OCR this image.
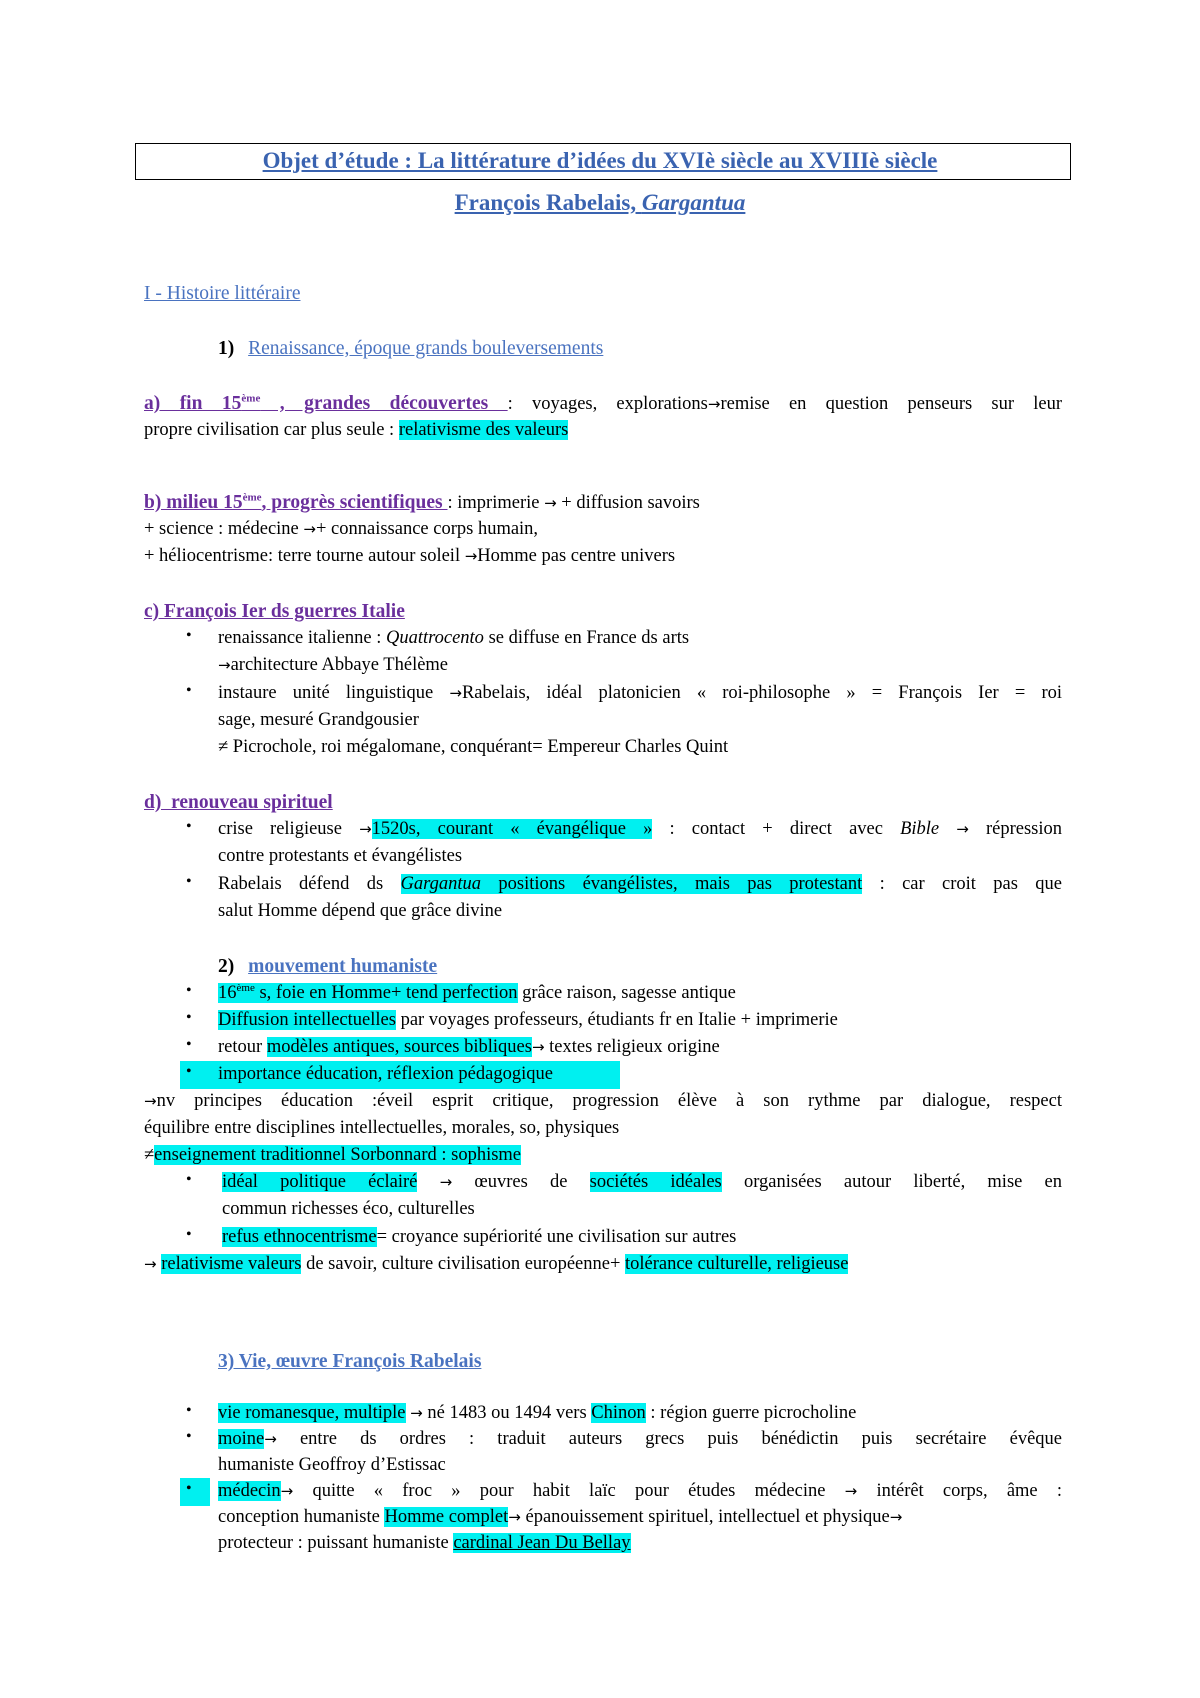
Objet d’étude : La littérature d’idées du XVIè siècle au XVIIIè siècle
François Rabelais, Gargantua
I - Histoire littéraire
1) Renaissance, époque grands bouleversements
a) fin 15ème , grandes découvertes : voyages, explorations→remise en question penseurs sur leur
propre civilisation car plus seule : relativisme des valeurs
b) milieu 15ème, progrès scientifiques : imprimerie → + diffusion savoirs
+ science : médecine →+ connaissance corps humain,
+ héliocentrisme: terre tourne autour soleil →Homme pas centre univers
c) François Ier ds guerres Italie
• renaissance italienne : Quattrocento se diffuse en France ds arts
→architecture Abbaye Thélème
• instaure unité linguistique →Rabelais, idéal platonicien « roi-philosophe » = François Ier = roi
sage, mesuré Grandgousier
≠ Picrochole, roi mégalomane, conquérant= Empereur Charles Quint
d)  renouveau spirituel
• crise religieuse →1520s, courant « évangélique » : contact + direct avec Bible → répression
contre protestants et évangélistes
• Rabelais défend ds Gargantua positions évangélistes, mais pas protestant : car croit pas que
salut Homme dépend que grâce divine
2) mouvement humaniste
• 16ème s, foie en Homme+ tend perfection grâce raison, sagesse antique
• Diffusion intellectuelles par voyages professeurs, étudiants fr en Italie + imprimerie
• retour modèles antiques, sources bibliques→ textes religieux origine

• importance éducation, réflexion pédagogique
→nv principes éducation :éveil esprit critique, progression élève à son rythme par dialogue, respect
équilibre entre disciplines intellectuelles, morales, so, physiques
≠enseignement traditionnel Sorbonnard : sophisme
• idéal politique éclairé → œuvres de sociétés idéales organisées autour liberté, mise en
commun richesses éco, culturelles
• refus ethnocentrisme= croyance supériorité une civilisation sur autres
→ relativisme valeurs de savoir, culture civilisation européenne+ tolérance culturelle, religieuse
3) Vie, œuvre François Rabelais
• vie romanesque, multiple → né 1483 ou 1494 vers Chinon : région guerre picrocholine
• moine→ entre ds ordres : traduit auteurs grecs puis bénédictin puis secrétaire évêque
humaniste Geoffroy d’Estissac

• médecin→ quitte « froc » pour habit laïc pour études médecine → intérêt corps, âme :
conception humaniste Homme complet→ épanouissement spirituel, intellectuel et physique→
protecteur : puissant humaniste cardinal Jean Du Bellay
